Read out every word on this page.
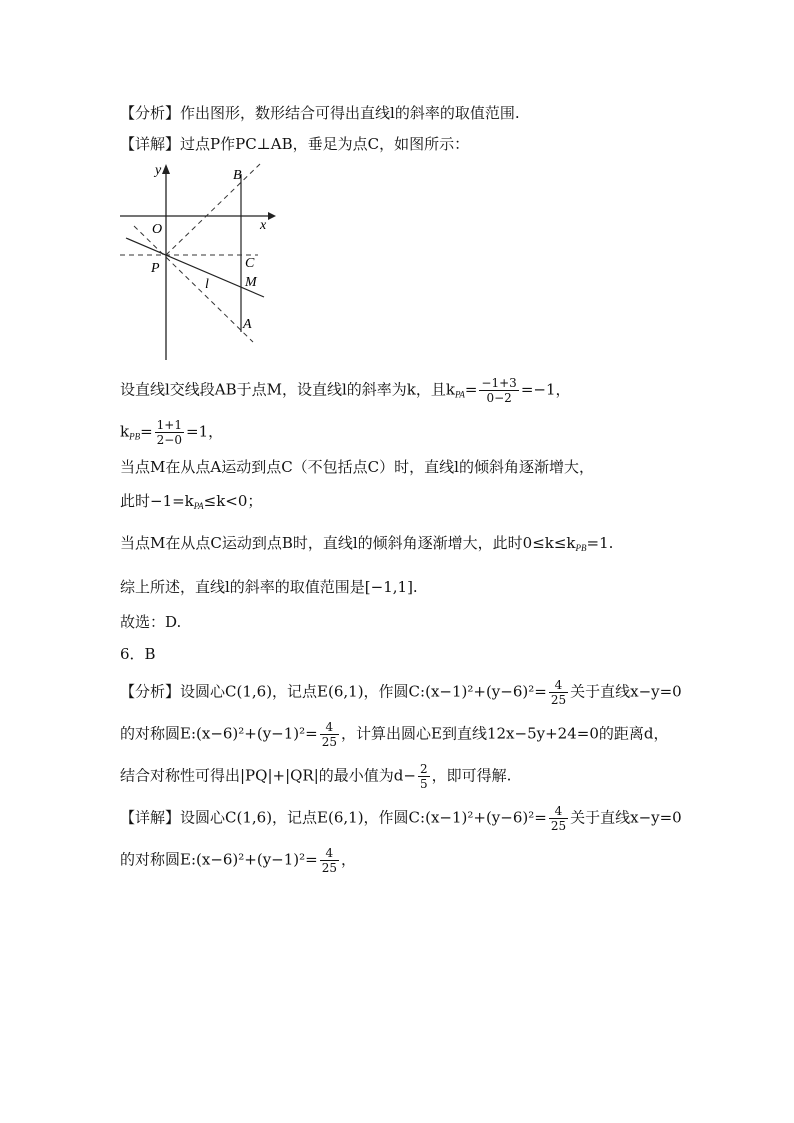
【分析】作出图形，数形结合可得出直线l的斜率的取值范围.
【详解】过点P作PC⊥AB，垂足为点C，如图所示：
y
x
O
P
B
C
M
A
l
设直线l交线段AB于点M，设直线l的斜率为k，且$k_{PA}= \frac{-1+3}{0-2} =-1$，
$k_{PB}= \frac{1+1}{2-0} =1$，
当点M在从点A运动到点C（不包括点C）时，直线l的倾斜角逐渐增大，
此时$-1=k_{PA}\le k<0$；
当点M在从点C运动到点B时，直线l的倾斜角逐渐增大，此时$0\le k\le k_{PB}=1$.
综上所述，直线l的斜率的取值范围是[−1,1].
故选：D.
6．B
【分析】设圆心C(1,6)，记点E(6,1)，作圆C:(x−1)²+(y−6)²= $\frac{4}{25}$ 关于直线x−y=0
的对称圆E:(x−6)²+(y−1)²= $\frac{4}{25}$ ，计算出圆心E到直线12x−5y+24=0的距离d，
结合对称性可得出|PQ|+|QR|的最小值为$d- \frac{2}{5}$ ，即可得解.
【详解】设圆心C(1,6)，记点E(6,1)，作圆C:(x−1)²+(y−6)²= $\frac{4}{25}$ 关于直线x−y=0
的对称圆E:(x−6)²+(y−1)²= $\frac{4}{25}$ ，
